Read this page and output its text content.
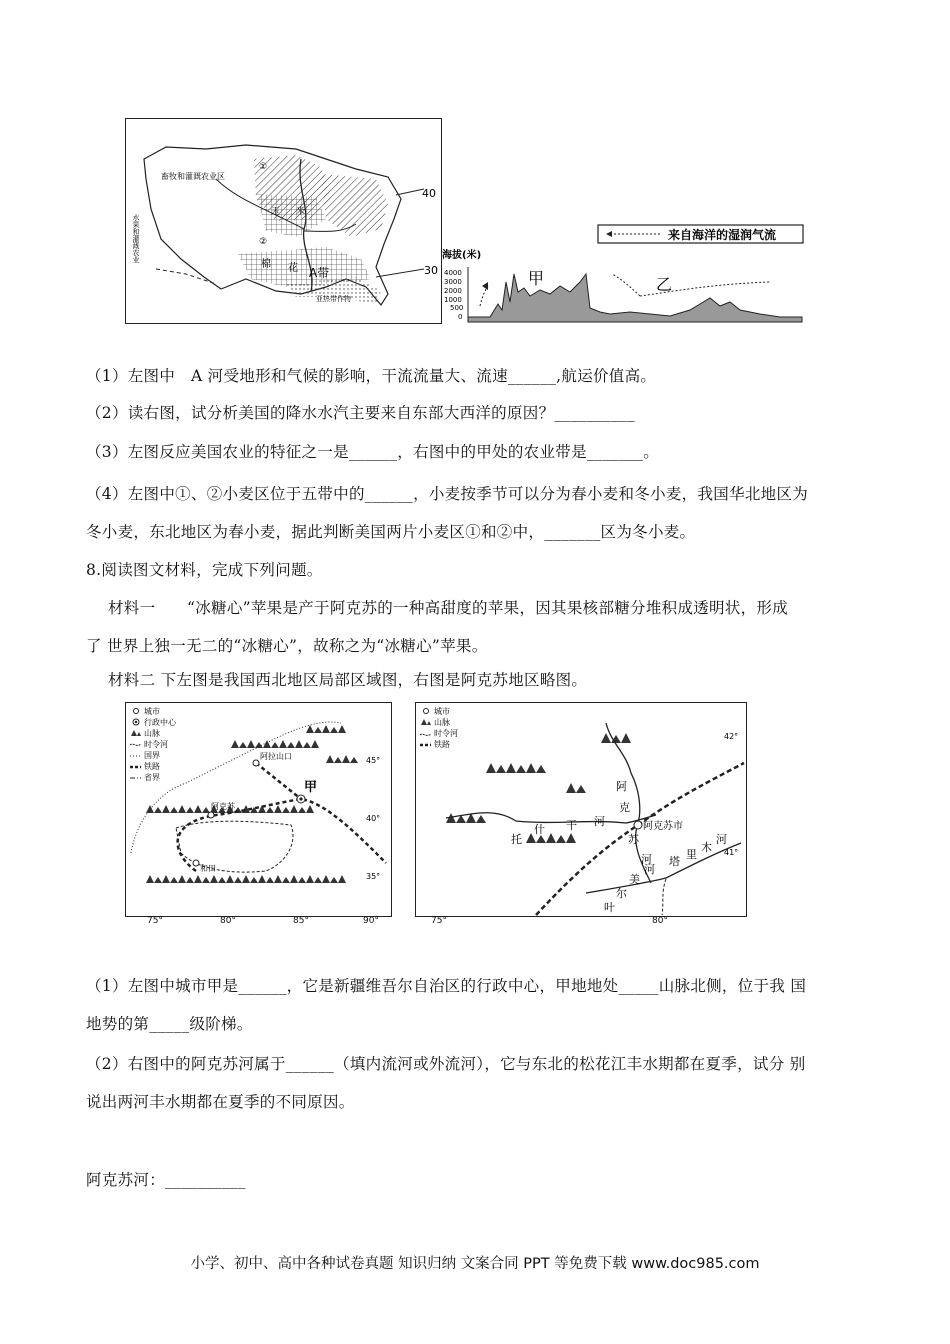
畜牧和灌溉农业区
水果和灌溉农业
①
②
玉 米
棉 花 A带
亚热带作物
40
30
来自海洋的湿润气流
海拔(米)
4000
3000
2000
1000
500
0
甲	乙
（1）左图中　A 河受地形和气候的影响，干流流量大、流速______,航运价值高。
（2）读右图，试分析美国的降水水汽主要来自东部大西洋的原因？__________
（3）左图反应美国农业的特征之一是______，右图中的甲处的农业带是_______。
（4）左图中①、②小麦区位于五带中的______，小麦按季节可以分为春小麦和冬小麦，我国华北地区为
冬小麦，东北地区为春小麦，据此判断美国两片小麦区①和②中，_______区为冬小麦。
8.阅读图文材料，完成下列问题。
材料一　　“冰糖心”苹果是产于阿克苏的一种高甜度的苹果，因其果核部糖分堆积成透明状，形成
了 世界上独一无二的“冰糖心”，故称之为“冰糖心”苹果。
材料二 下左图是我国西北地区局部区域图，右图是阿克苏地区略图。
城市
行政中心
山脉
时令河
国界
铁路
省界
阿拉山口
甲
阿克苏
和田
45°
40°
35°
75°	80°	85°	90°
城市
山脉
时令河
铁路
阿
克
托
什 干 河	阿克苏市
苏
河 塔
里
木
河
叶
尔
美
河
42°
41°
75°	80°
（1）左图中城市甲是______，它是新疆维吾尔自治区的行政中心，甲地地处_____山脉北侧，位于我 国
地势的第_____级阶梯。
（2）右图中的阿克苏河属于______（填内流河或外流河），它与东北的松花江丰水期都在夏季，试分 别
说出两河丰水期都在夏季的不同原因。
阿克苏河：__________
小学、初中、高中各种试卷真题 知识归纳 文案合同 PPT 等免费下载 www.doc985.com
